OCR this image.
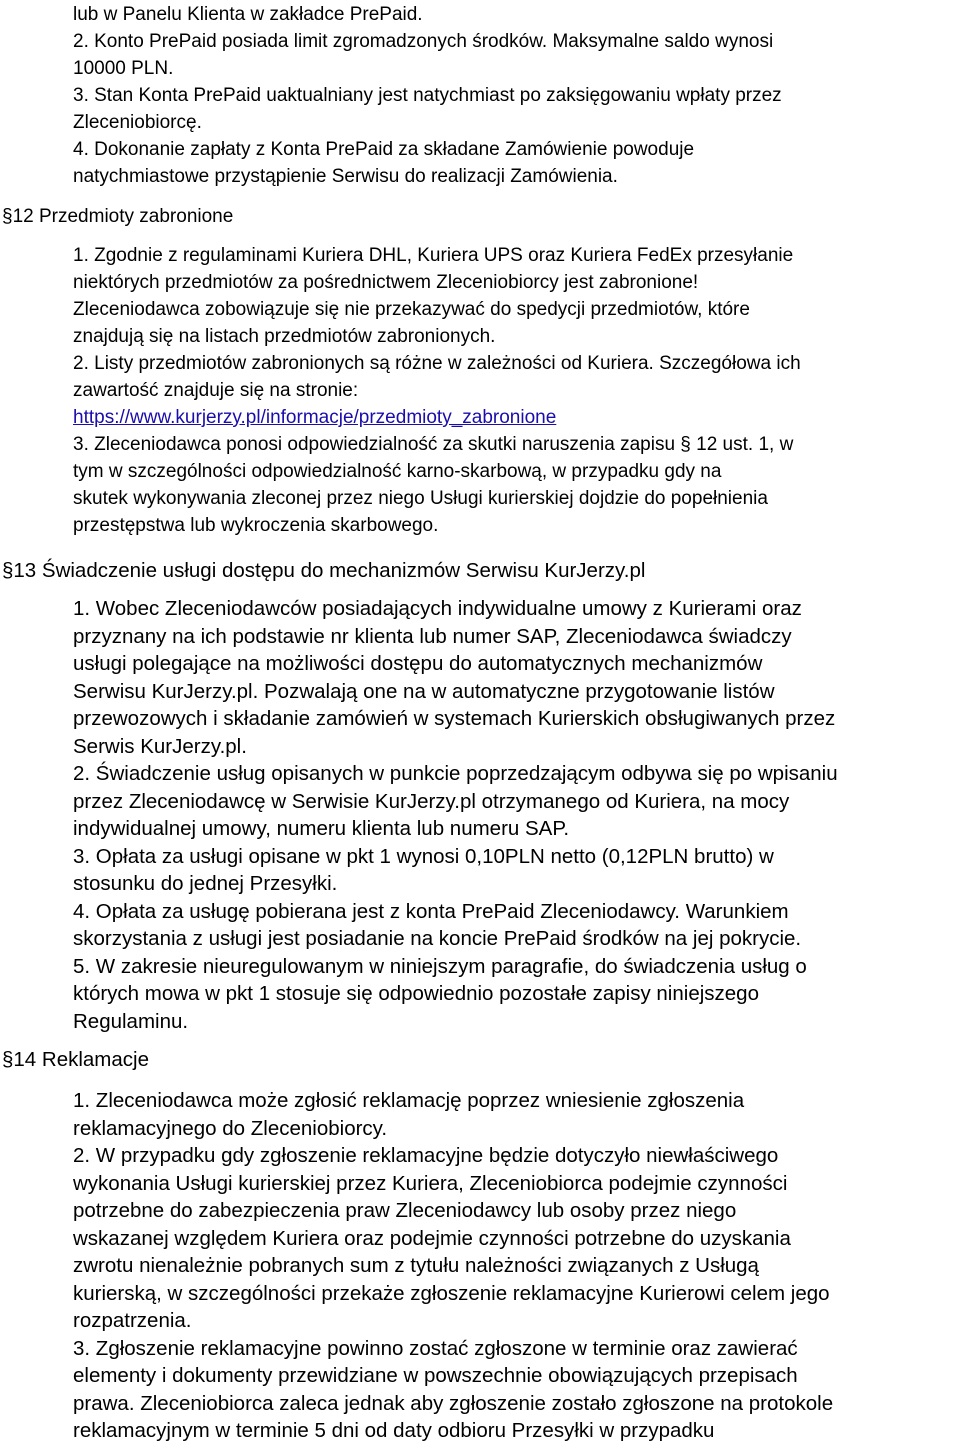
lub w Panelu Klienta w zakładce PrePaid.
2. Konto PrePaid posiada limit zgromadzonych środków. Maksymalne saldo wynosi
10000 PLN.
3. Stan Konta PrePaid uaktualniany jest natychmiast po zaksięgowaniu wpłaty przez
Zleceniobiorcę.
4. Dokonanie zapłaty z Konta PrePaid za składane Zamówienie powoduje
natychmiastowe przystąpienie Serwisu do realizacji Zamówienia.
§12 Przedmioty zabronione
1. Zgodnie z regulaminami Kuriera DHL, Kuriera UPS oraz Kuriera FedEx przesyłanie
niektórych przedmiotów za pośrednictwem Zleceniobiorcy jest zabronione!
Zleceniodawca zobowiązuje się nie przekazywać do spedycji przedmiotów, które
znajdują się na listach przedmiotów zabronionych.
2. Listy przedmiotów zabronionych są różne w zależności od Kuriera. Szczegółowa ich
zawartość znajduje się na stronie:
https://www.kurjerzy.pl/informacje/przedmioty_zabronione
3. Zleceniodawca ponosi odpowiedzialność za skutki naruszenia zapisu § 12 ust. 1, w
tym w szczególności odpowiedzialność karno-skarbową, w przypadku gdy na
skutek wykonywania zleconej przez niego Usługi kurierskiej dojdzie do popełnienia
przestępstwa lub wykroczenia skarbowego.
§13 Świadczenie usługi dostępu do mechanizmów Serwisu KurJerzy.pl
1. Wobec Zleceniodawców posiadających indywidualne umowy z Kurierami oraz
przyznany na ich podstawie nr klienta lub numer SAP, Zleceniodawca świadczy
usługi polegające na możliwości dostępu do automatycznych mechanizmów
Serwisu KurJerzy.pl. Pozwalają one na w automatyczne przygotowanie listów
przewozowych i składanie zamówień w systemach Kurierskich obsługiwanych przez
Serwis KurJerzy.pl.
2. Świadczenie usług opisanych w punkcie poprzedzającym odbywa się po wpisaniu
przez Zleceniodawcę w Serwisie KurJerzy.pl otrzymanego od Kuriera, na mocy
indywidualnej umowy, numeru klienta lub numeru SAP.
3. Opłata za usługi opisane w pkt 1 wynosi 0,10PLN netto (0,12PLN brutto) w
stosunku do jednej Przesyłki.
4. Opłata za usługę pobierana jest z konta PrePaid Zleceniodawcy. Warunkiem
skorzystania z usługi jest posiadanie na koncie PrePaid środków na jej pokrycie.
5. W zakresie nieuregulowanym w niniejszym paragrafie, do świadczenia usług o
których mowa w pkt 1 stosuje się odpowiednio pozostałe zapisy niniejszego
Regulaminu.
§14 Reklamacje
1. Zleceniodawca może zgłosić reklamację poprzez wniesienie zgłoszenia
reklamacyjnego do Zleceniobiorcy.
2. W przypadku gdy zgłoszenie reklamacyjne będzie dotyczyło niewłaściwego
wykonania Usługi kurierskiej przez Kuriera, Zleceniobiorca podejmie czynności
potrzebne do zabezpieczenia praw Zleceniodawcy lub osoby przez niego
wskazanej względem Kuriera oraz podejmie czynności potrzebne do uzyskania
zwrotu nienależnie pobranych sum z tytułu należności związanych z Usługą
kurierską, w szczególności przekaże zgłoszenie reklamacyjne Kurierowi celem jego
rozpatrzenia.
3. Zgłoszenie reklamacyjne powinno zostać zgłoszone w terminie oraz zawierać
elementy i dokumenty przewidziane w powszechnie obowiązujących przepisach
prawa. Zleceniobiorca zaleca jednak aby zgłoszenie zostało zgłoszone na protokole
reklamacyjnym w terminie 5 dni od daty odbioru Przesyłki w przypadku
